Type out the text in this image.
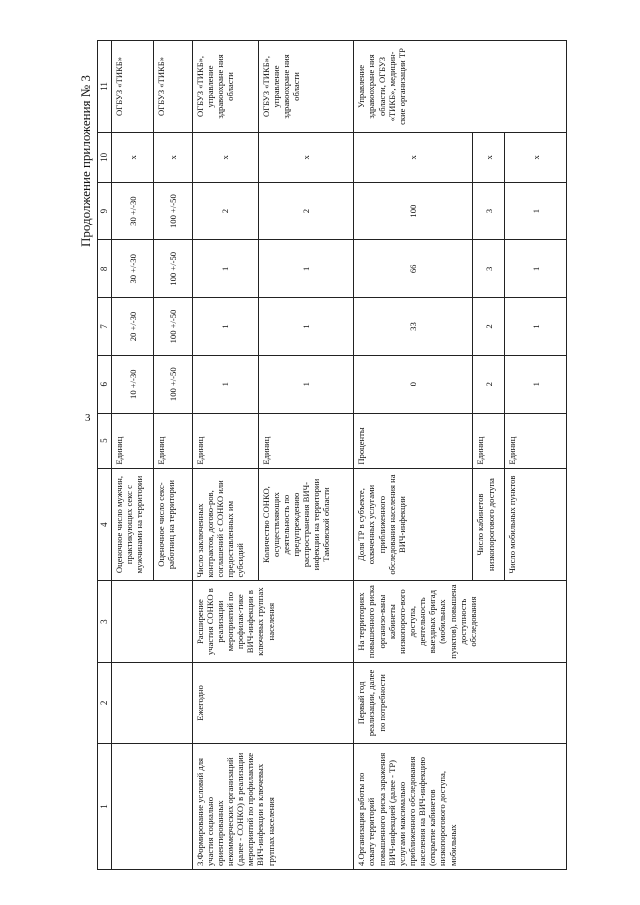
3
Продолжение приложения № 3
1	2	3	4	5	6	7	8	9	10	11
			Оценочное число мужчин, практикующих секс с мужчинами на территории	Единиц	10 +/-30	20 +/-30	30 +/-30	30 +/-30	x	ОГБУЗ «ТИКБ»
			Оценочное число секс-работниц на территории	Единиц	100 +/-50	100 +/-50	100 +/-50	100 +/-50	x	ОГБУЗ «ТИКБ»
3.Формирование условий для участия социально ориентированных некоммерческих организаций (далее - СОНКО) в реализации мероприятий по профилактике ВИЧ-инфекции в ключевых группах населения	Ежегодно	Расширение участия СОНКО в реализации мероприятий по профилак-тике ВИЧ-инфекции в ключевых группах населения	Число заключенных контрактов, догово-ров, соглашений с СОНКО или предоставленных им субсидий	Единиц	1	1	1	2	x	ОГБУЗ «ТИКБ», управление здравоохране ния области
			Количество СОНКО, осуществляющих деятельность по предупреждению распространения ВИЧ-инфекции на территории Тамбовской области	Единиц	1	1	1	2	x	ОГБУЗ «ТИКБ», управление здравоохране ния области
4.Организация работы по охвату территорий повышенного риска заражения ВИЧ-инфекцией (далее - ТР) услугами максимально приближенного обследования населения на ВИЧ-инфекцию (открытие кабинетов низкопорогового доступа, мобильных	Первый год реализации, далее по потребности	На территориях повышенного риска организо-ваны кабинеты низкопорого-вого доступа, деятельность выездных бригад (мобильных пунктов), повышена доступность обследования	Доля ТР в субъекте, охваченных услугами приближенного обследования населения на ВИЧ-инфекции	Проценты	0	33	66	100	x	Управление здравоохране ния области, ОГБУЗ «ТИКБ», медицин-ские организации ТР
			Число кабинетов низкопорогового доступа	Единиц	2	2	3	3	x	
			Число мобильных пунктов	Единиц	1	1	1	1	x	
